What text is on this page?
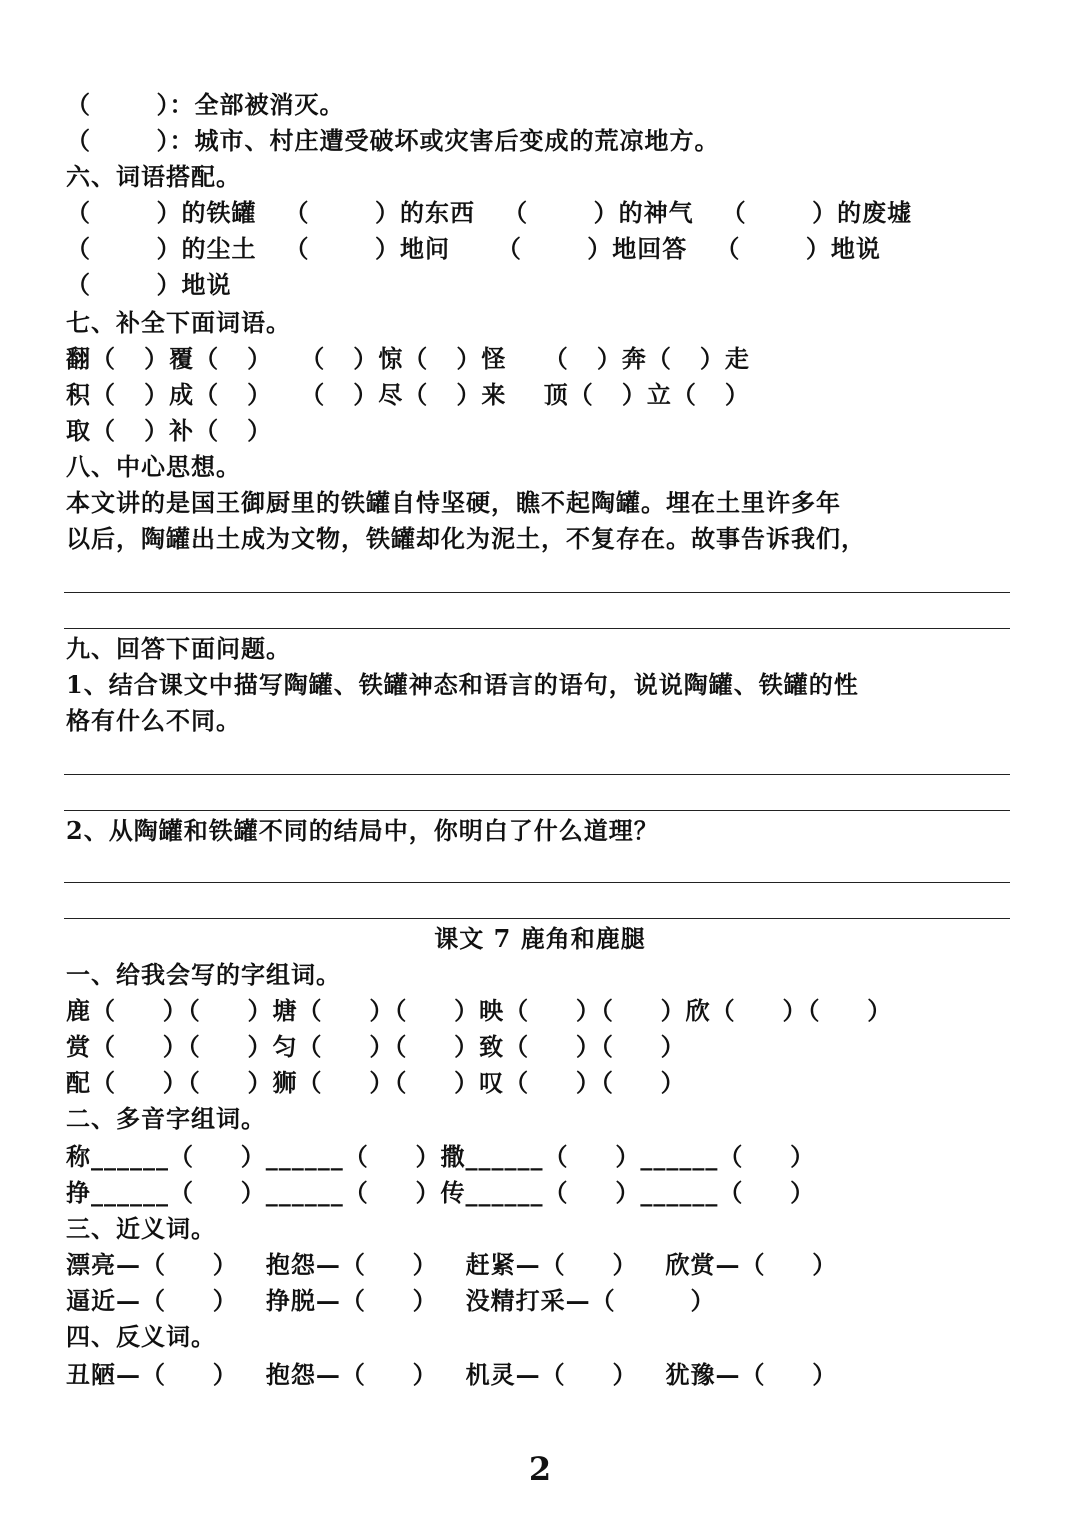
（       ）：全部被消灭。
（       ）：城市、村庄遭受破坏或灾害后变成的荒凉地方。
六、词语搭配。
（       ）的铁罐   （       ）的东西   （       ）的神气   （       ）的废墟
（       ）的尘土   （       ）地问     （       ）地回答   （       ）地说
（       ）地说
七、补全下面词语。
翻（   ）覆（   ）   （   ）惊（   ）怪    （   ）奔（   ）走
积（   ）成（   ）   （   ）尽（   ）来    顶（   ）立（   ）
取（   ）补（   ）
八、中心思想。
本文讲的是国王御厨里的铁罐自恃坚硬，瞧不起陶罐。埋在土里许多年
以后，陶罐出土成为文物，铁罐却化为泥土，不复存在。故事告诉我们，
九、回答下面问题。
1、结合课文中描写陶罐、铁罐神态和语言的语句，说说陶罐、铁罐的性
格有什么不同。
2、从陶罐和铁罐不同的结局中，你明白了什么道理？
课文 7 鹿角和鹿腿
一、给我会写的字组词。
鹿（     ）（     ）塘（     ）（     ）映（     ）（     ）欣（     ）（     ）
赏（     ）（     ）匀（     ）（     ）致（     ）（     ）
配（     ）（     ）狮（     ）（     ）叹（     ）（     ）
二、多音字组词。
称______（     ）______（     ）撒______（     ）______（     ）
挣______（     ）______（     ）传______（     ）______（     ）
三、近义词。
漂亮—（     ）   抱怨—（     ）   赶紧—（     ）   欣赏—（     ）
逼近—（     ）   挣脱—（     ）   没精打采—（        ）
四、反义词。
丑陋—（     ）   抱怨—（     ）   机灵—（     ）   犹豫—（     ）
2
